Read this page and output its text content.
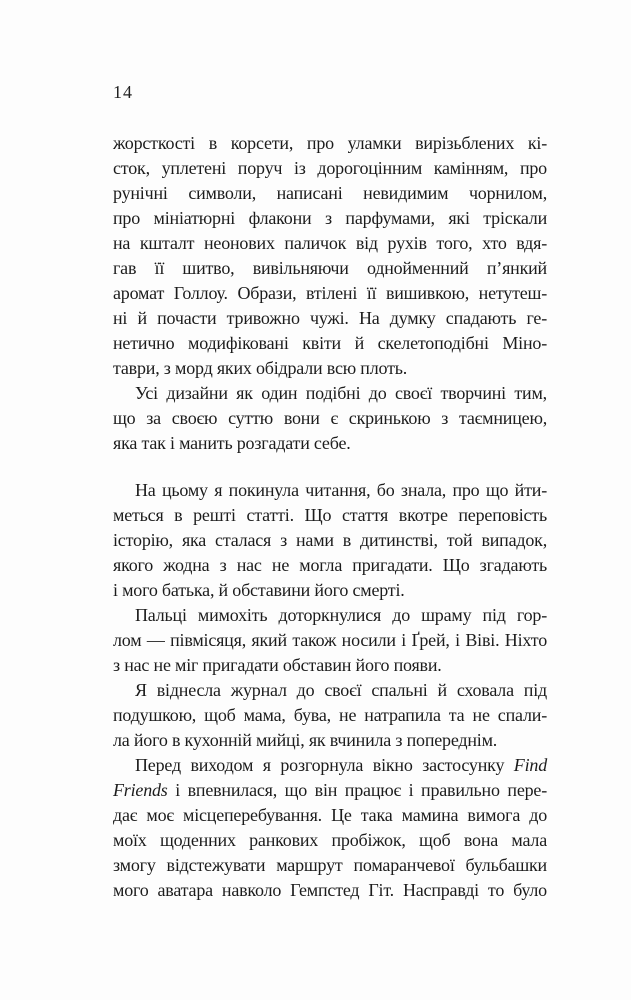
14
жорсткості в корсети, про уламки вирізьблених кі-
сток, уплетені поруч із дорогоцінним камінням, про
рунічні символи, написані невидимим чорнилом,
про мініатюрні флакони з парфумами, які тріскали
на кшталт неонових паличок від рухів того, хто вдя-
гав її шитво, вивільняючи однойменний п’янкий
аромат Голлоу. Образи, втілені її вишивкою, нетутеш-
ні й почасти тривожно чужі. На думку спадають ге-
нетично модифіковані квіти й скелетоподібні Міно-
таври, з морд яких обідрали всю плоть.
Усі дизайни як один подібні до своєї творчині тим,
що за своєю суттю вони є скринькою з таємницею,
яка так і манить розгадати себе.
На цьому я покинула читання, бо знала, про що йти-
меться в решті статті. Що стаття вкотре переповість
історію, яка сталася з нами в дитинстві, той випадок,
якого жодна з нас не могла пригадати. Що згадають
і мого батька, й обставини його смерті.
Пальці мимохіть доторкнулися до шраму під гор-
лом — півмісяця, який також носили і Ґрей, і Віві. Ніхто
з нас не міг пригадати обставин його появи.
Я віднесла журнал до своєї спальні й сховала під
подушкою, щоб мама, бува, не натрапила та не спали-
ла його в кухонній мийці, як вчинила з попереднім.
Перед виходом я розгорнула вікно застосунку Find
Friends і впевнилася, що він працює і правильно пере-
дає моє місцеперебування. Це така мамина вимога до
моїх щоденних ранкових пробіжок, щоб вона мала
змогу відстежувати маршрут помаранчевої бульбашки
мого аватара навколо Гемпстед Гіт. Насправді то було
